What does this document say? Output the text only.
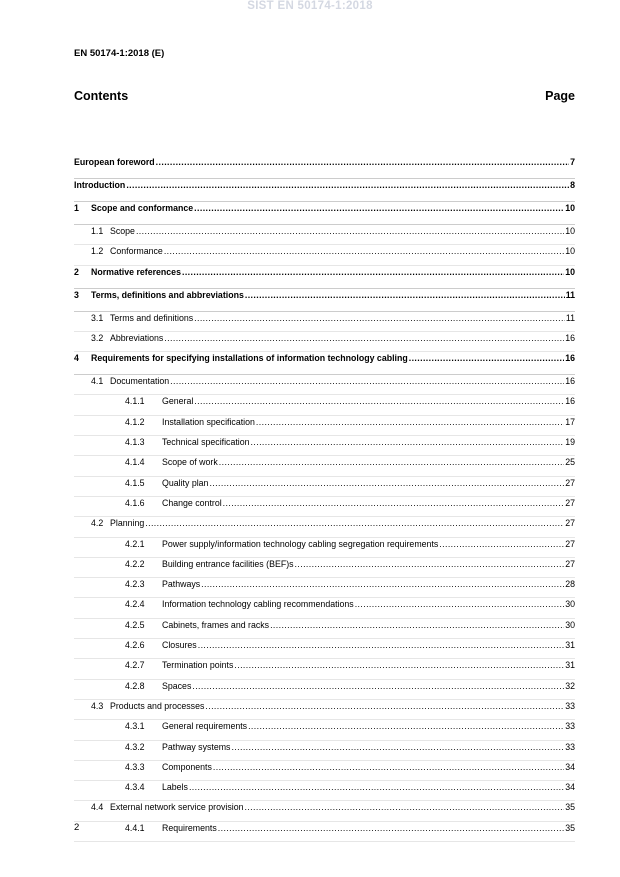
SIST EN 50174-1:2018
EN 50174-1:2018 (E)
Contents	Page
European foreword .....	7
Introduction .....	8
1	Scope and conformance .....	10
1.1 Scope .....	10
1.2 Conformance .....	10
2	Normative references .....	10
3	Terms, definitions and abbreviations .....	11
3.1 Terms and definitions .....	11
3.2 Abbreviations .....	16
4	Requirements for specifying installations of information technology cabling .....	16
4.1 Documentation .....	16
4.1.1	General .....	16
4.1.2	Installation specification .....	17
4.1.3	Technical specification .....	19
4.1.4	Scope of work .....	25
4.1.5	Quality plan .....	27
4.1.6	Change control .....	27
4.2 Planning .....	27
4.2.1	Power supply/information technology cabling segregation requirements .....	27
4.2.2	Building entrance facilities (BEF)s .....	27
4.2.3	Pathways .....	28
4.2.4	Information technology cabling recommendations .....	30
4.2.5	Cabinets, frames and racks .....	30
4.2.6	Closures .....	31
4.2.7	Termination points .....	31
4.2.8	Spaces .....	32
4.3 Products and processes .....	33
4.3.1	General requirements .....	33
4.3.2	Pathway systems .....	33
4.3.3	Components .....	34
4.3.4	Labels .....	34
4.4 External network service provision .....	35
4.4.1	Requirements .....	35
2
